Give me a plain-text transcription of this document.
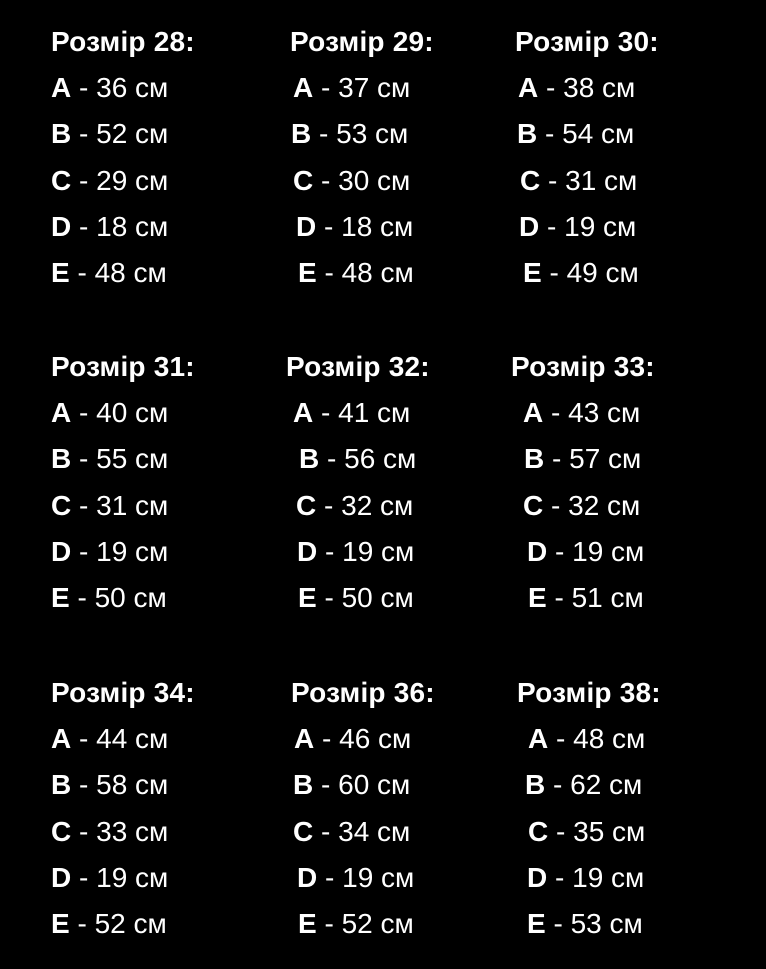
Розмір 28:
A - 36 см
B - 52 см
C - 29 см
D - 18 см
E - 48 см
Розмір 29:
A - 37 см
B - 53 см
C - 30 см
D - 18 см
E - 48 см
Розмір 30:
A - 38 см
B - 54 см
C - 31 см
D - 19 см
E - 49 см
Розмір 31:
A - 40 см
B - 55 см
C - 31 см
D - 19 см
E - 50 см
Розмір 32:
A - 41 см
B - 56 см
C - 32 см
D - 19 см
E - 50 см
Розмір 33:
A - 43 см
B - 57 см
C - 32 см
D - 19 см
E - 51 см
Розмір 34:
A - 44 см
B - 58 см
C - 33 см
D - 19 см
E - 52 см
Розмір 36:
A - 46 см
B - 60 см
C - 34 см
D - 19 см
E - 52 см
Розмір 38:
A - 48 см
B - 62 см
C - 35 см
D - 19 см
E - 53 см
